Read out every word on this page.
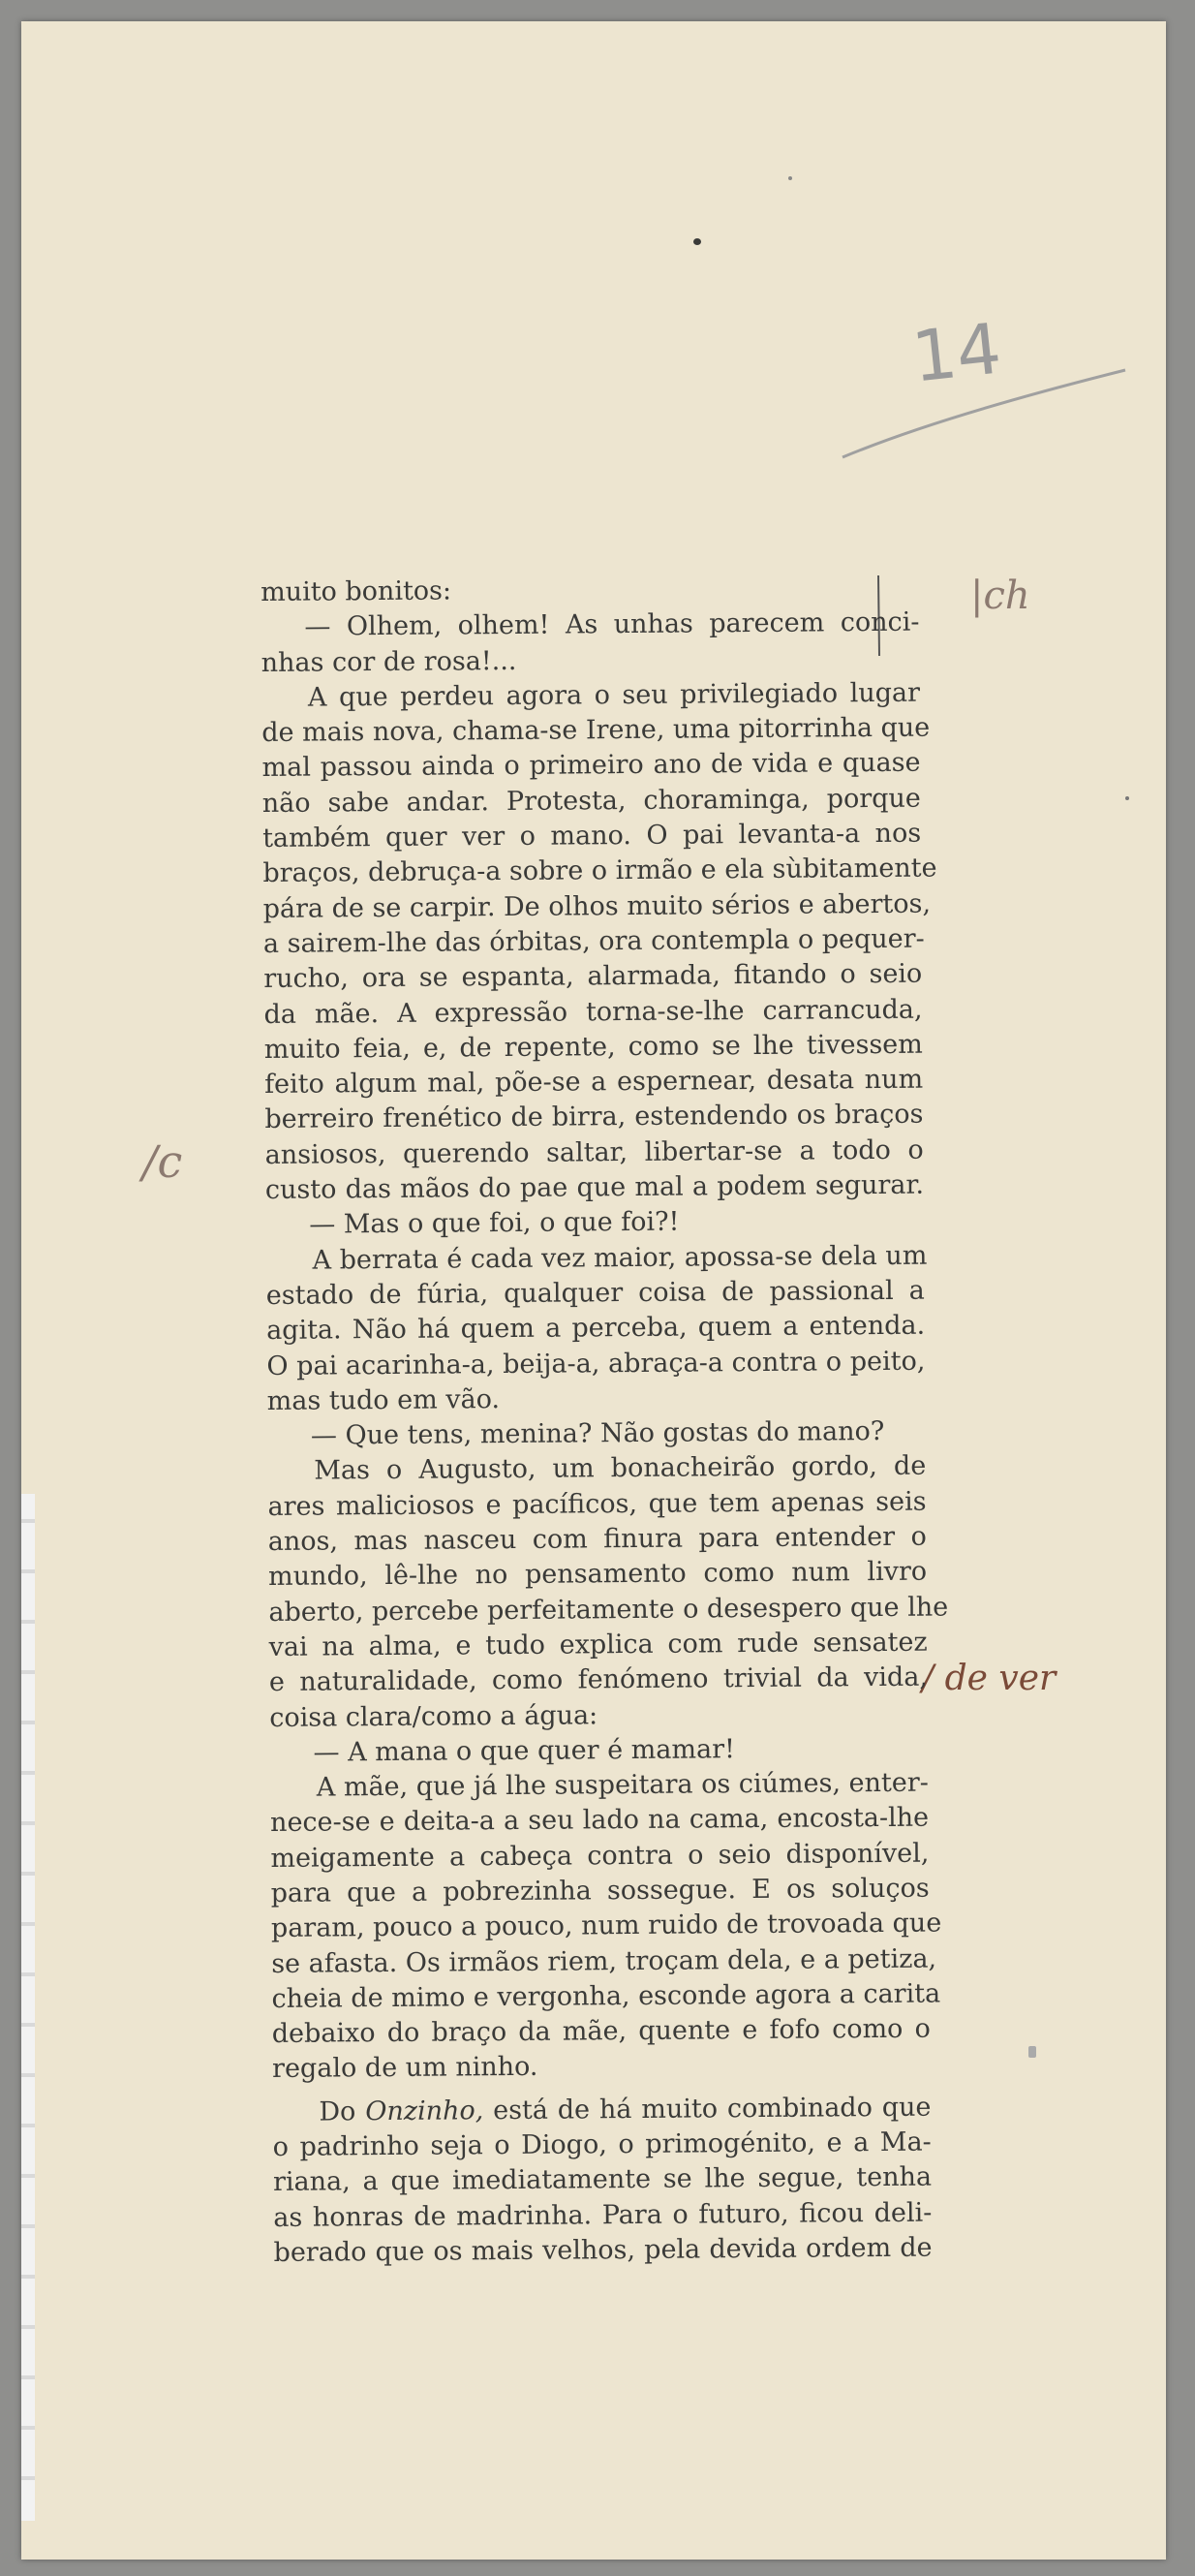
14
|ch
/c
/ de ver
muito bonitos:
— Olhem, olhem! As unhas parecem conci-
nhas cor de rosa!...
A que perdeu agora o seu privilegiado lugar
de mais nova, chama-se Irene, uma pitorrinha que
mal passou ainda o primeiro ano de vida e quase
não sabe andar. Protesta, choraminga, porque
também quer ver o mano. O pai levanta-a nos
braços, debruça-a sobre o irmão e ela sùbitamente
pára de se carpir. De olhos muito sérios e abertos,
a sairem-lhe das órbitas, ora contempla o pequer-
rucho, ora se espanta, alarmada, fitando o seio
da mãe. A expressão torna-se-lhe carrancuda,
muito feia, e, de repente, como se lhe tivessem
feito algum mal, põe-se a espernear, desata num
berreiro frenético de birra, estendendo os braços
ansiosos, querendo saltar, libertar-se a todo o
custo das mãos do pae que mal a podem segurar.
— Mas o que foi, o que foi?!
A berrata é cada vez maior, apossa-se dela um
estado de fúria, qualquer coisa de passional a
agita. Não há quem a perceba, quem a entenda.
O pai acarinha-a, beija-a, abraça-a contra o peito,
mas tudo em vão.
— Que tens, menina? Não gostas do mano?
Mas o Augusto, um bonacheirão gordo, de
ares maliciosos e pacíficos, que tem apenas seis
anos, mas nasceu com finura para entender o
mundo, lê-lhe no pensamento como num livro
aberto, percebe perfeitamente o desespero que lhe
vai na alma, e tudo explica com rude sensatez
e naturalidade, como fenómeno trivial da vida,
coisa clara/como a água:
— A mana o que quer é mamar!
A mãe, que já lhe suspeitara os ciúmes, enter-
nece-se e deita-a a seu lado na cama, encosta-lhe
meigamente a cabeça contra o seio disponível,
para que a pobrezinha sossegue. E os soluços
param, pouco a pouco, num ruido de trovoada que
se afasta. Os irmãos riem, troçam dela, e a petiza,
cheia de mimo e vergonha, esconde agora a carita
debaixo do braço da mãe, quente e fofo como o
regalo de um ninho.
Do Onzinho, está de há muito combinado que
o padrinho seja o Diogo, o primogénito, e a Ma-
riana, a que imediatamente se lhe segue, tenha
as honras de madrinha. Para o futuro, ficou deli-
berado que os mais velhos, pela devida ordem de
